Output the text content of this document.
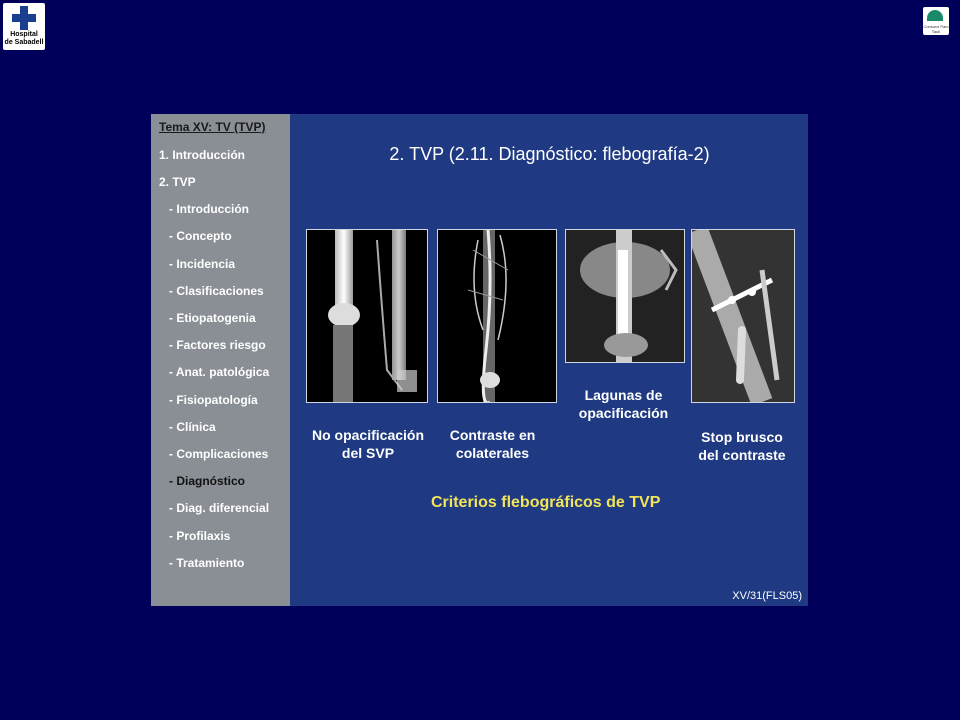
Hospital
de Sabadell
Consorci Parc Taulí
Tema XV: TV (TVP)
1. Introducción
2. TVP
- Introducción
- Concepto
- Incidencia
- Clasificaciones
- Etiopatogenia
- Factores riesgo
- Anat. patológica
- Fisiopatología
- Clínica
- Complicaciones
- Diagnóstico
- Diag. diferencial
- Profilaxis
- Tratamiento
2. TVP (2.11. Diagnóstico: flebografía-2)
No opacificación
del SVP
Contraste en
colaterales
Lagunas de
opacificación
Stop brusco
del contraste
Criterios flebográficos de TVP
XV/31(FLS05)
